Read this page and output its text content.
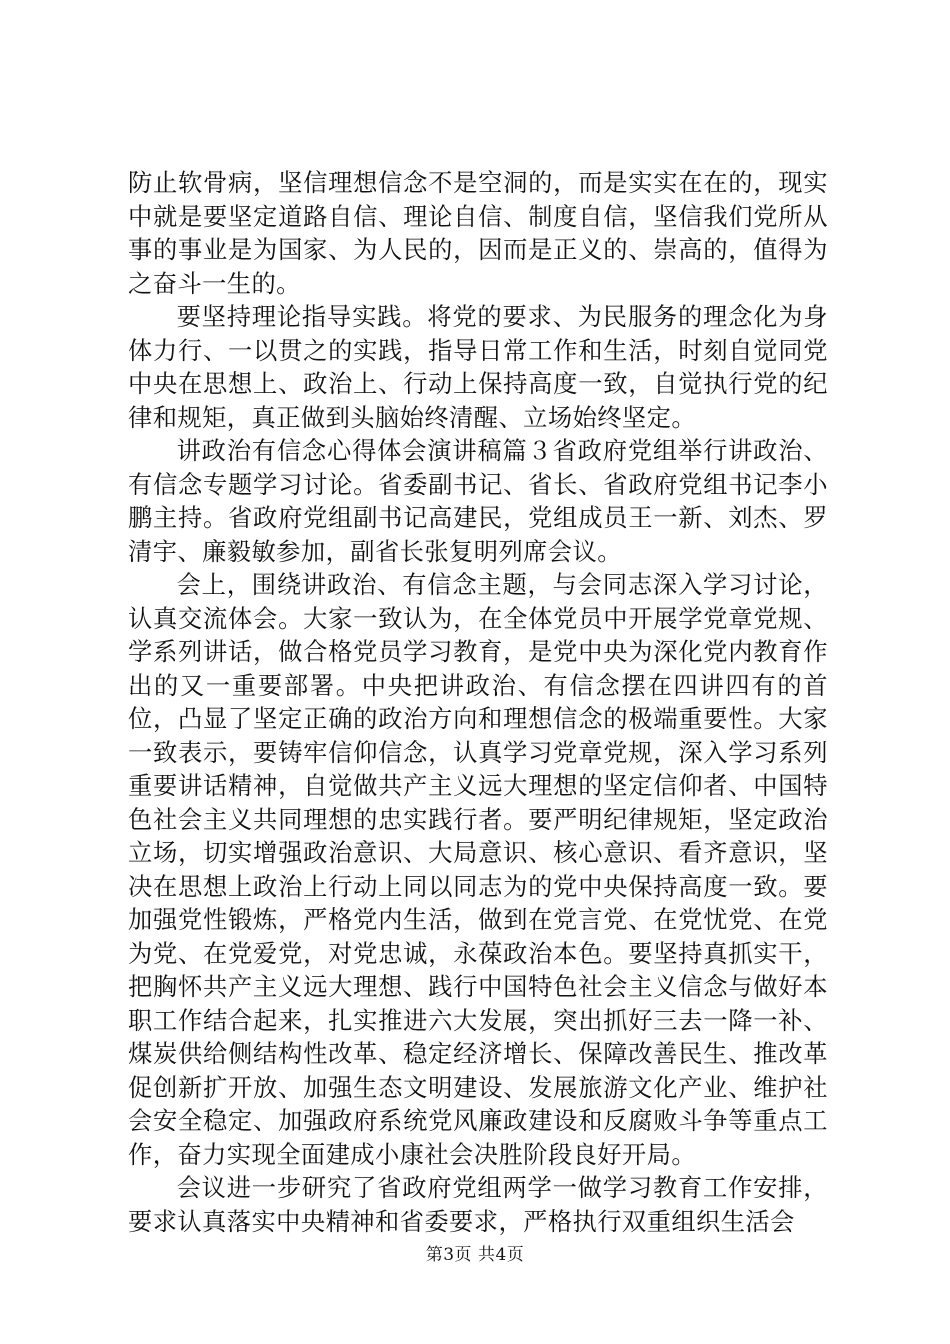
防止软骨病，坚信理想信念不是空洞的，而是实实在在的，现实中就是要坚定道路自信、理论自信、制度自信，坚信我们党所从事的事业是为国家、为人民的，因而是正义的、崇高的，值得为之奋斗一生的。

要坚持理论指导实践。将党的要求、为民服务的理念化为身体力行、一以贯之的实践，指导日常工作和生活，时刻自觉同党中央在思想上、政治上、行动上保持高度一致，自觉执行党的纪律和规矩，真正做到头脑始终清醒、立场始终坚定。

讲政治有信念心得体会演讲稿篇３省政府党组举行讲政治、有信念专题学习讨论。省委副书记、省长、省政府党组书记李小鹏主持。省政府党组副书记高建民，党组成员王一新、刘杰、罗清宇、廉毅敏参加，副省长张复明列席会议。

会上，围绕讲政治、有信念主题，与会同志深入学习讨论，认真交流体会。大家一致认为，在全体党员中开展学党章党规、学系列讲话，做合格党员学习教育，是党中央为深化党内教育作出的又一重要部署。中央把讲政治、有信念摆在四讲四有的首位，凸显了坚定正确的政治方向和理想信念的极端重要性。大家一致表示，要铸牢信仰信念，认真学习党章党规，深入学习系列重要讲话精神，自觉做共产主义远大理想的坚定信仰者、中国特色社会主义共同理想的忠实践行者。要严明纪律规矩，坚定政治立场，切实增强政治意识、大局意识、核心意识、看齐意识，坚决在思想上政治上行动上同以同志为的党中央保持高度一致。要加强党性锻炼，严格党内生活，做到在党言党、在党忧党、在党为党、在党爱党，对党忠诚，永葆政治本色。要坚持真抓实干，把胸怀共产主义远大理想、践行中国特色社会主义信念与做好本职工作结合起来，扎实推进六大发展，突出抓好三去一降一补、煤炭供给侧结构性改革、稳定经济增长、保障改善民生、推改革促创新扩开放、加强生态文明建设、发展旅游文化产业、维护社会安全稳定、加强政府系统党风廉政建设和反腐败斗争等重点工作，奋力实现全面建成小康社会决胜阶段良好开局。

会议进一步研究了省政府党组两学一做学习教育工作安排，要求认真落实中央精神和省委要求，严格执行双重组织生活会

第3页 共4页
